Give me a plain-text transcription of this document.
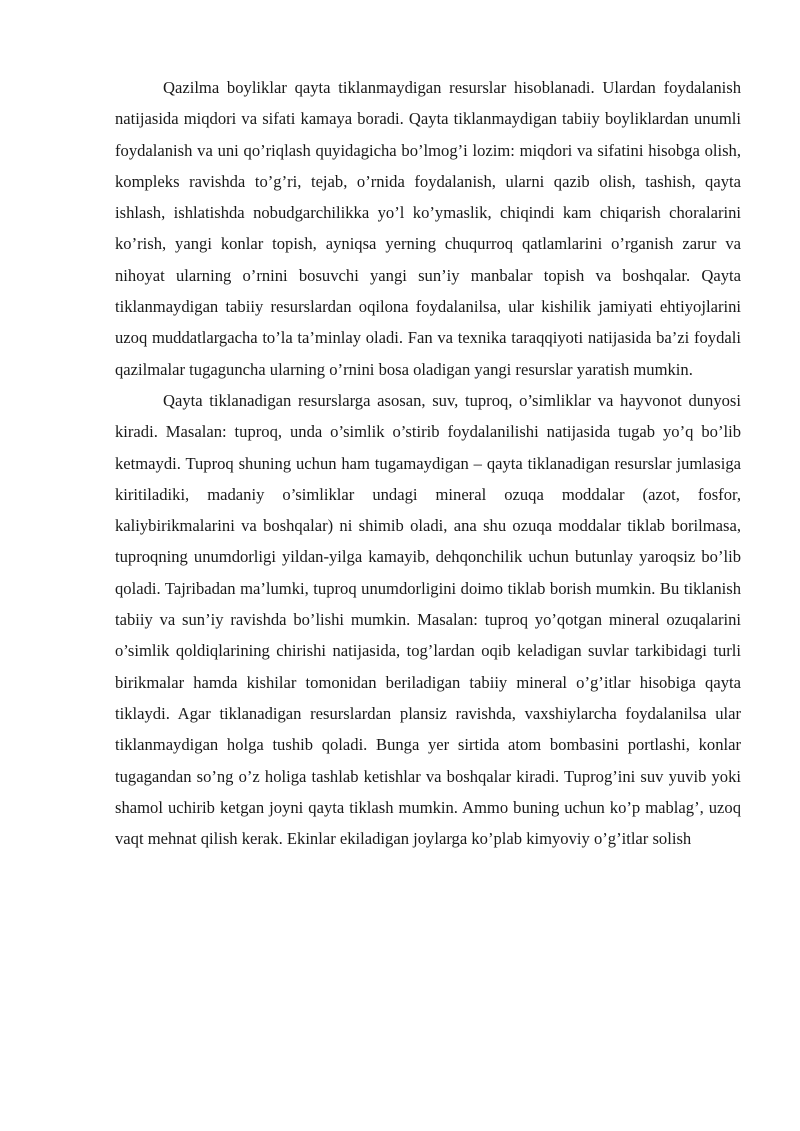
Qazilma boyliklar qayta tiklanmaydigan resurslar hisoblanadi. Ulardan foydalanish natijasida miqdori va sifati kamaya boradi. Qayta tiklanmaydigan tabiiy boyliklardan unumli foydalanish va uni qo’riqlash quyidagicha bo’lmog’i lozim: miqdori va sifatini hisobga olish, kompleks ravishda to’g’ri, tejab, o’rnida foydalanish, ularni qazib olish, tashish, qayta ishlash, ishlatishda nobudgarchilikka yo’l ko’ymaslik, chiqindi kam chiqarish choralarini ko’rish, yangi konlar topish, ayniqsa yerning chuqurroq qatlamlarini o’rganish zarur va nihoyat ularning o’rnini bosuvchi yangi sun’iy manbalar topish va boshqalar. Qayta tiklanmaydigan tabiiy resurslardan oqilona foydalanilsa, ular kishilik jamiyati ehtiyojlarini uzoq muddatlargacha to’la ta’minlay oladi. Fan va texnika taraqqiyoti natijasida ba’zi foydali qazilmalar tugaguncha ularning o’rnini bosa oladigan yangi resurslar yaratish mumkin.

Qayta tiklanadigan resurslarga asosan, suv, tuproq, o’simliklar va hayvonot dunyosi kiradi. Masalan: tuproq, unda o’simlik o’stirib foydalanilishi natijasida tugab yo’q bo’lib ketmaydi. Tuproq shuning uchun ham tugamaydigan – qayta tiklanadigan resurslar jumlasiga kiritiladiki, madaniy o’simliklar undagi mineral ozuqa moddalar (azot, fosfor, kaliybirikmalarini va boshqalar) ni shimib oladi, ana shu ozuqa moddalar tiklab borilmasa, tuproqning unumdorligi yildan-yilga kamayib, dehqonchilik uchun butunlay yaroqsiz bo’lib qoladi. Tajribadan ma’lumki, tuproq unumdorligini doimo tiklab borish mumkin. Bu tiklanish tabiiy va sun’iy ravishda bo’lishi mumkin. Masalan: tuproq yo’qotgan mineral ozuqalarini o’simlik qoldiqlarining chirishi natijasida, tog’lardan oqib keladigan suvlar tarkibidagi turli birikmalar hamda kishilar tomonidan beriladigan tabiiy mineral o’g’itlar hisobiga qayta tiklaydi. Agar tiklanadigan resurslardan plansiz ravishda, vaxshiylarcha foydalanilsa ular tiklanmaydigan holga tushib qoladi. Bunga yer sirtida atom bombasini portlashi, konlar tugagandan so’ng o’z holiga tashlab ketishlar va boshqalar kiradi. Tuprog’ini suv yuvib yoki shamol uchirib ketgan joyni qayta tiklash mumkin. Ammo buning uchun ko’p mablag’, uzoq vaqt mehnat qilish kerak. Ekinlar ekiladigan joylarga ko’plab kimyoviy o’g’itlar solish
